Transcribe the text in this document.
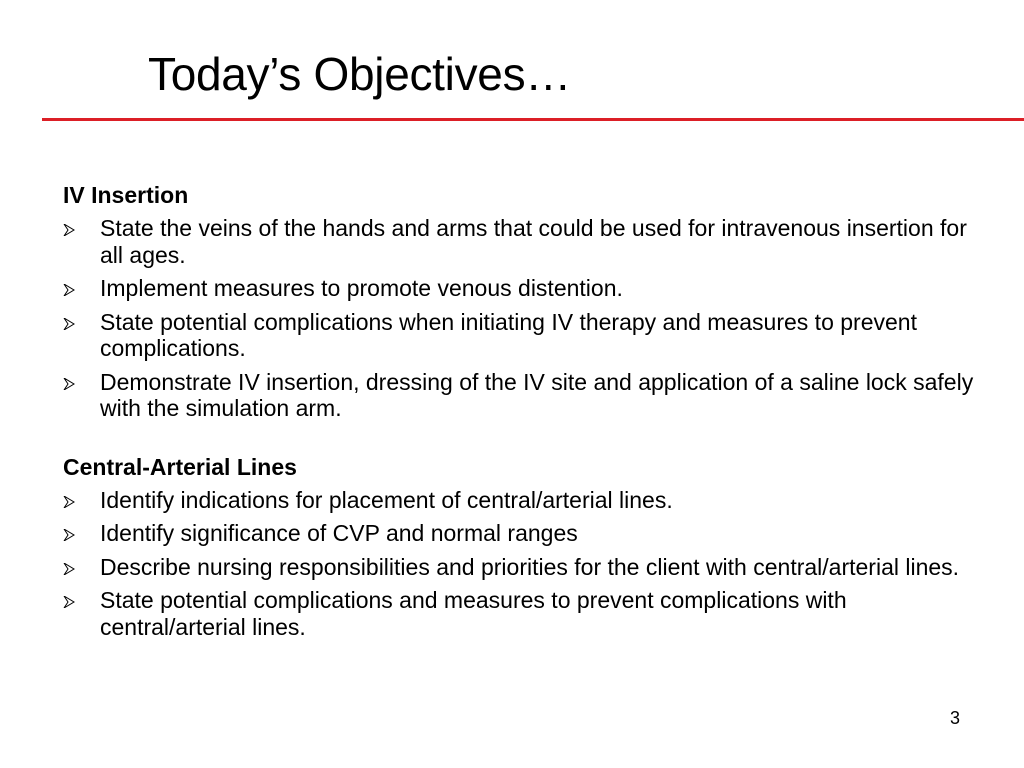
Today’s Objectives…

IV Insertion

State the veins of the hands and arms that could be used for intravenous insertion for all ages.
Implement measures to promote venous distention.
State potential complications when initiating IV therapy and measures to prevent complications.
Demonstrate IV insertion, dressing of the IV site and application of a saline lock safely with the simulation arm.

Central-Arterial Lines

Identify indications for placement of central/arterial lines.
Identify significance of CVP and normal ranges
Describe nursing responsibilities and priorities for the client with central/arterial lines.
State potential complications and measures to prevent complications with central/arterial lines.
3
